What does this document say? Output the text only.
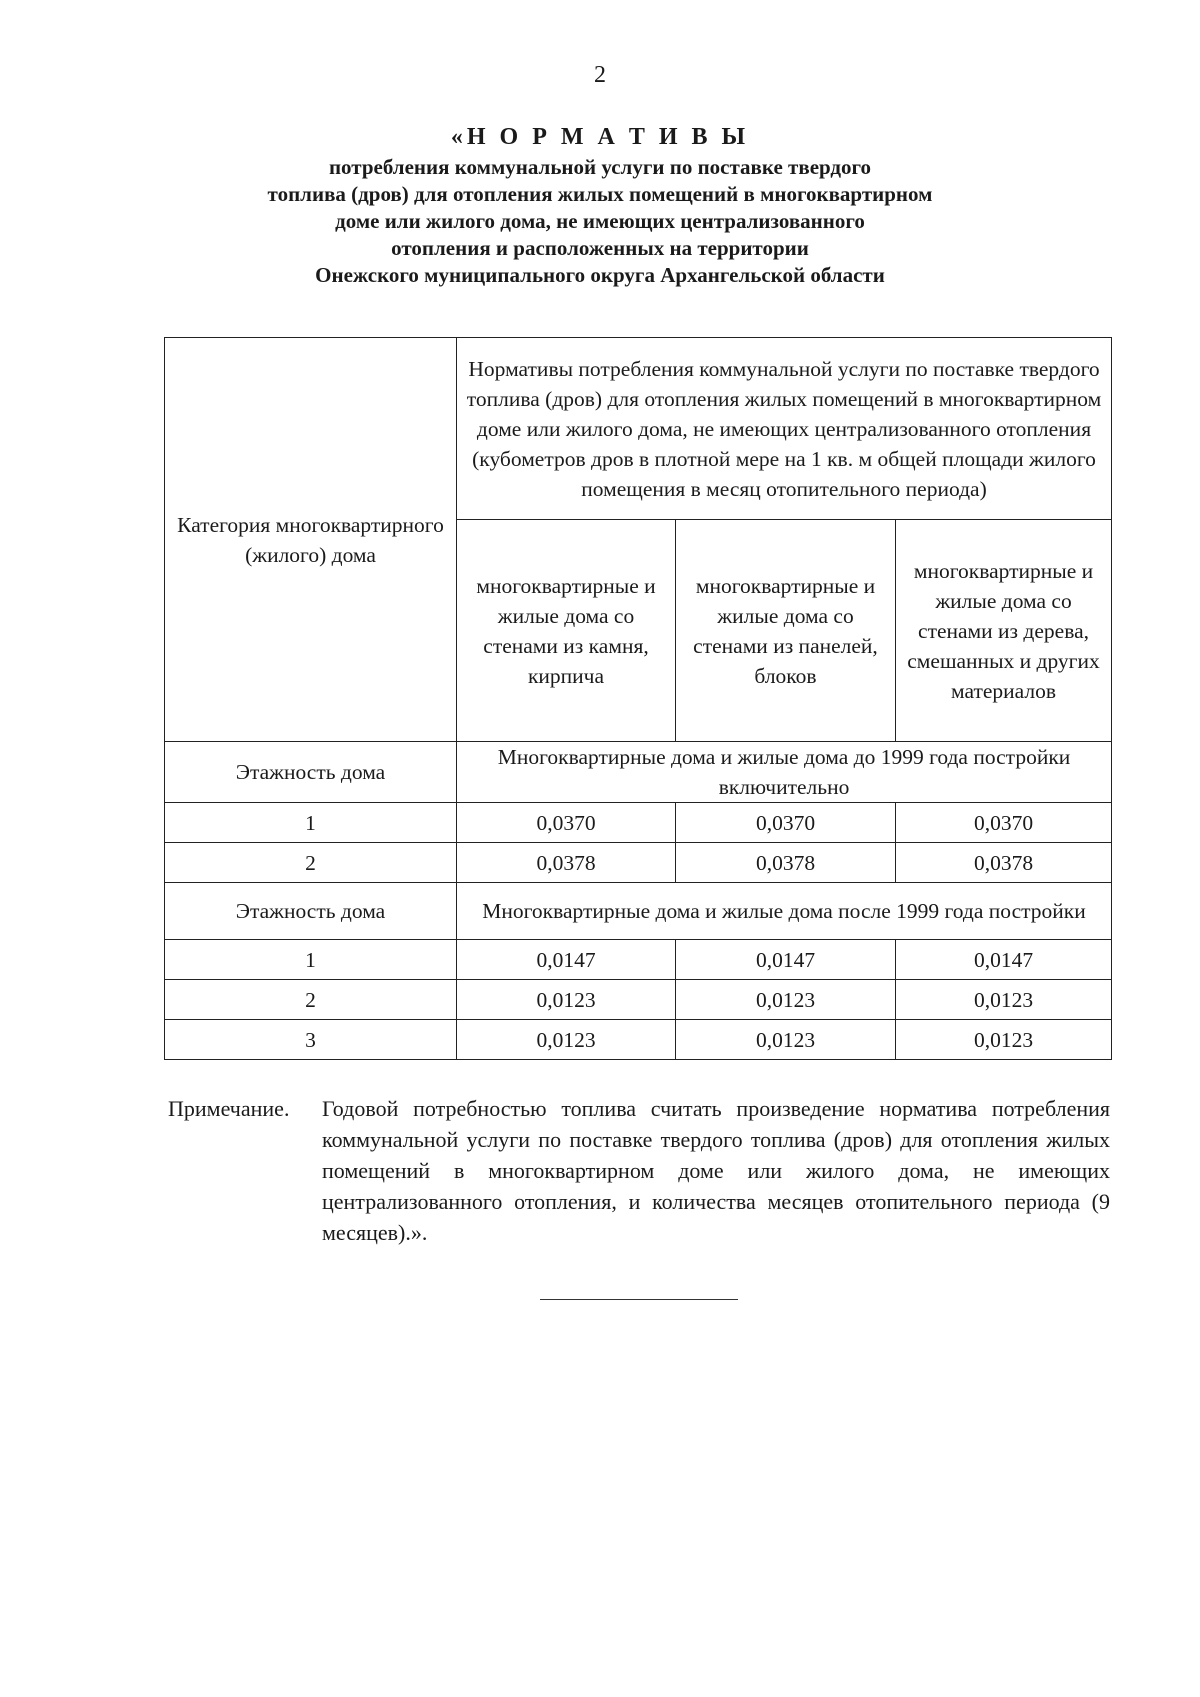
2
«Н О Р М А Т И В Ы
потребления коммунальной услуги по поставке твердого
топлива (дров) для отопления жилых помещений в многоквартирном
доме или жилого дома, не имеющих централизованного
отопления и расположенных на территории
Онежского муниципального округа Архангельской области
Категория многоквартирного (жилого) дома	Нормативы потребления коммунальной услуги по поставке твердого топлива (дров) для отопления жилых помещений в многоквартирном доме или жилого дома, не имеющих централизованного отопления (кубометров дров в плотной мере на 1 кв. м общей площади жилого помещения в месяц отопительного периода)		
	многоквартирные и жилые дома со стенами из камня, кирпича	многоквартирные и жилые дома со стенами из панелей, блоков	многоквартирные и жилые дома со стенами из дерева, смешанных и других материалов
Этажность дома	Многоквартирные дома и жилые дома до 1999 года постройки включительно		
1	0,0370	0,0370	0,0370
2	0,0378	0,0378	0,0378
Этажность дома	Многоквартирные дома и жилые дома после 1999 года постройки		
1	0,0147	0,0147	0,0147
2	0,0123	0,0123	0,0123
3	0,0123	0,0123	0,0123
Примечание. Годовой потребностью топлива считать произведение норматива потребления коммунальной услуги по поставке твердого топлива (дров) для отопления жилых помещений в многоквартирном доме или жилого дома, не имеющих централизованного отопления, и количества месяцев отопительного периода (9 месяцев).».
